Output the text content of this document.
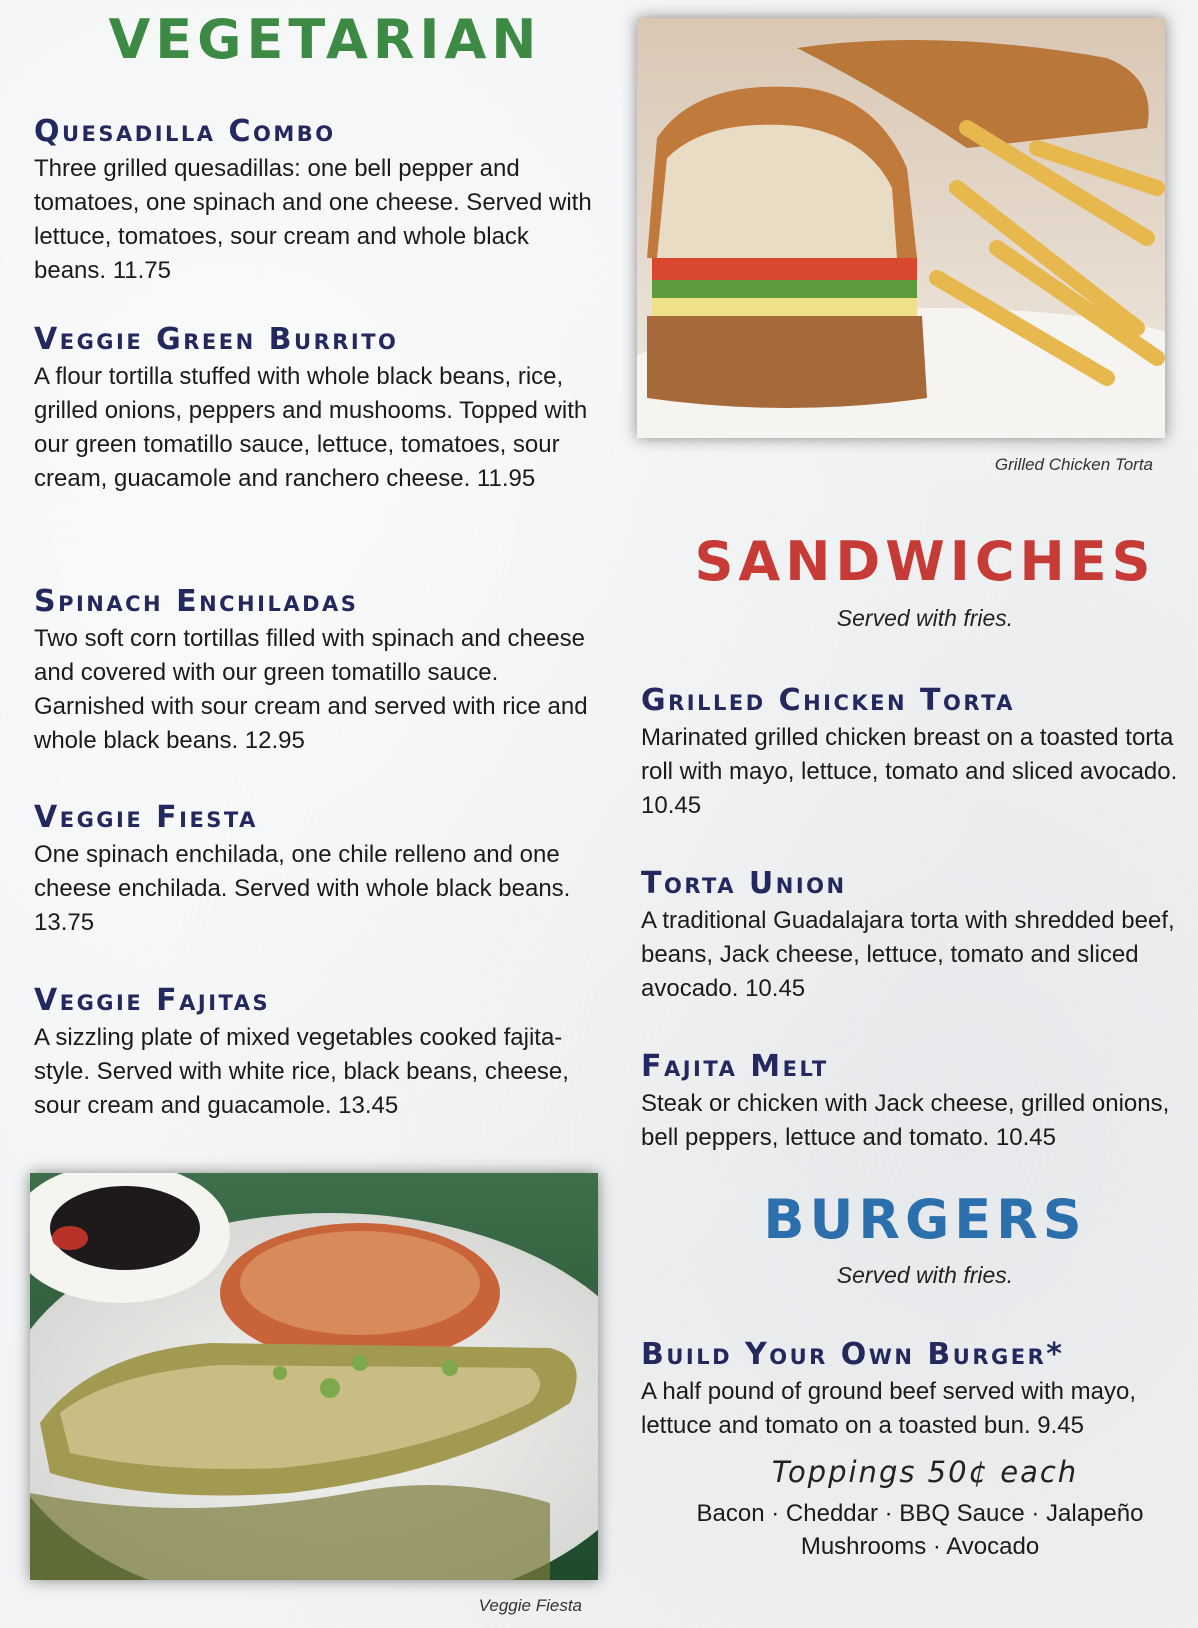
VEGETARIAN
Quesadilla Combo

Three grilled quesadillas: one bell pepper and tomatoes, one spinach and one cheese. Served with lettuce, tomatoes, sour cream and whole black beans. 11.75

Veggie Green Burrito

A flour tortilla stuffed with whole black beans, rice, grilled onions, peppers and mushooms. Topped with our green tomatillo sauce, lettuce, tomatoes, sour cream, guacamole and ranchero cheese. 11.95

Spinach Enchiladas

Two soft corn tortillas filled with spinach and cheese and covered with our green tomatillo sauce. Garnished with sour cream and served with rice and whole black beans. 12.95

Veggie Fiesta

One spinach enchilada, one chile relleno and one cheese enchilada. Served with whole black beans. 13.75

Veggie Fajitas

A sizzling plate of mixed vegetables cooked fajita-style. Served with white rice, black beans, cheese, sour cream and guacamole. 13.45

Veggie Fiesta

Grilled Chicken Torta

SANDWICHES

Served with fries.

Grilled Chicken Torta

Marinated grilled chicken breast on a toasted torta roll with mayo, lettuce, tomato and sliced avocado. 10.45

Torta Union

A traditional Guadalajara torta with shredded beef, beans, Jack cheese, lettuce, tomato and sliced avocado. 10.45

Fajita Melt

Steak or chicken with Jack cheese, grilled onions, bell peppers, lettuce and tomato. 10.45

BURGERS

Served with fries.

Build Your Own Burger*

A half pound of ground beef served with mayo, lettuce and tomato on a toasted bun. 9.45

Toppings 50¢ each

Bacon · Cheddar · BBQ Sauce · Jalapeño

Mushrooms · Avocado
